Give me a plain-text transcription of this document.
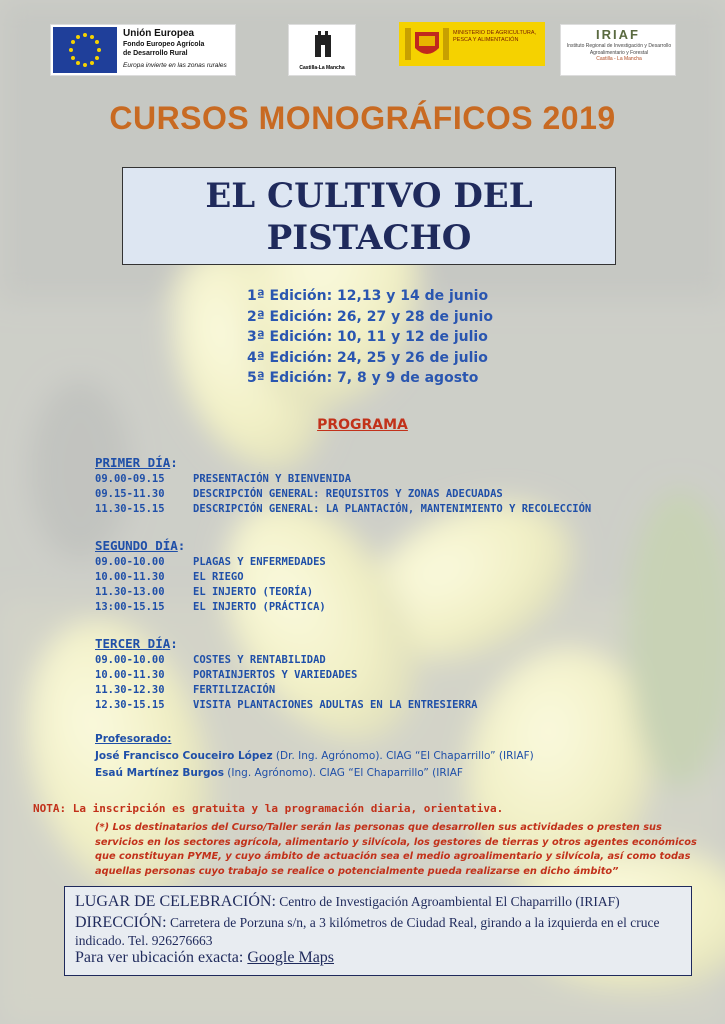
Unión Europea
Fondo Europeo Agrícola
de Desarrollo Rural
Europa invierte en las zonas rurales	Castilla-La Mancha
MINISTERIO DE AGRICULTURA, PESCA Y ALIMENTACIÓN	IRIAF
Instituto Regional de Investigación y Desarrollo Agroalimentario y Forestal
Castilla - La Mancha
CURSOS MONOGRÁFICOS 2019
EL CULTIVO DEL
PISTACHO
1ª Edición: 12,13 y 14 de junio
2ª Edición: 26, 27 y 28 de junio
3ª Edición: 10, 11 y 12 de julio
4ª Edición: 24, 25 y 26 de julio
5ª Edición: 7, 8 y 9 de agosto
PROGRAMA
PRIMER DÍA:
09.00-09.15	PRESENTACIÓN Y BIENVENIDA
09.15-11.30	DESCRIPCIÓN GENERAL: REQUISITOS Y ZONAS ADECUADAS
11.30-15.15	DESCRIPCIÓN GENERAL: LA PLANTACIÓN, MANTENIMIENTO Y RECOLECCIÓN
SEGUNDO DÍA:
09.00-10.00	PLAGAS Y ENFERMEDADES
10.00-11.30	EL RIEGO
11.30-13.00	EL INJERTO (TEORÍA)
13:00-15.15	EL INJERTO (PRÁCTICA)
TERCER DÍA:
09.00-10.00	COSTES Y RENTABILIDAD
10.00-11.30	PORTAINJERTOS Y VARIEDADES
11.30-12.30	FERTILIZACIÓN
12.30-15.15	VISITA PLANTACIONES ADULTAS EN LA ENTRESIERRA
Profesorado:
José Francisco Couceiro López (Dr. Ing. Agrónomo). CIAG “El Chaparrillo” (IRIAF)
Esaú Martínez Burgos (Ing. Agrónomo). CIAG “El Chaparrillo” (IRIAF
NOTA: La inscripción es gratuita y la programación diaria, orientativa.
(*) Los destinatarios del Curso/Taller serán las personas que desarrollen sus actividades o presten sus servicios en los sectores agrícola, alimentario y silvícola, los gestores de tierras y otros agentes económicos que constituyan PYME, y cuyo ámbito de actuación sea el medio agroalimentario y silvícola, así como todas aquellas personas cuyo trabajo se realice o potencialmente pueda realizarse en dicho ámbito”
LUGAR DE CELEBRACIÓN: Centro de Investigación Agroambiental El Chaparrillo (IRIAF)
DIRECCIÓN: Carretera de Porzuna s/n, a 3 kilómetros de Ciudad Real, girando a la izquierda en el cruce indicado. Tel. 926276663
Para ver ubicación exacta: Google Maps
